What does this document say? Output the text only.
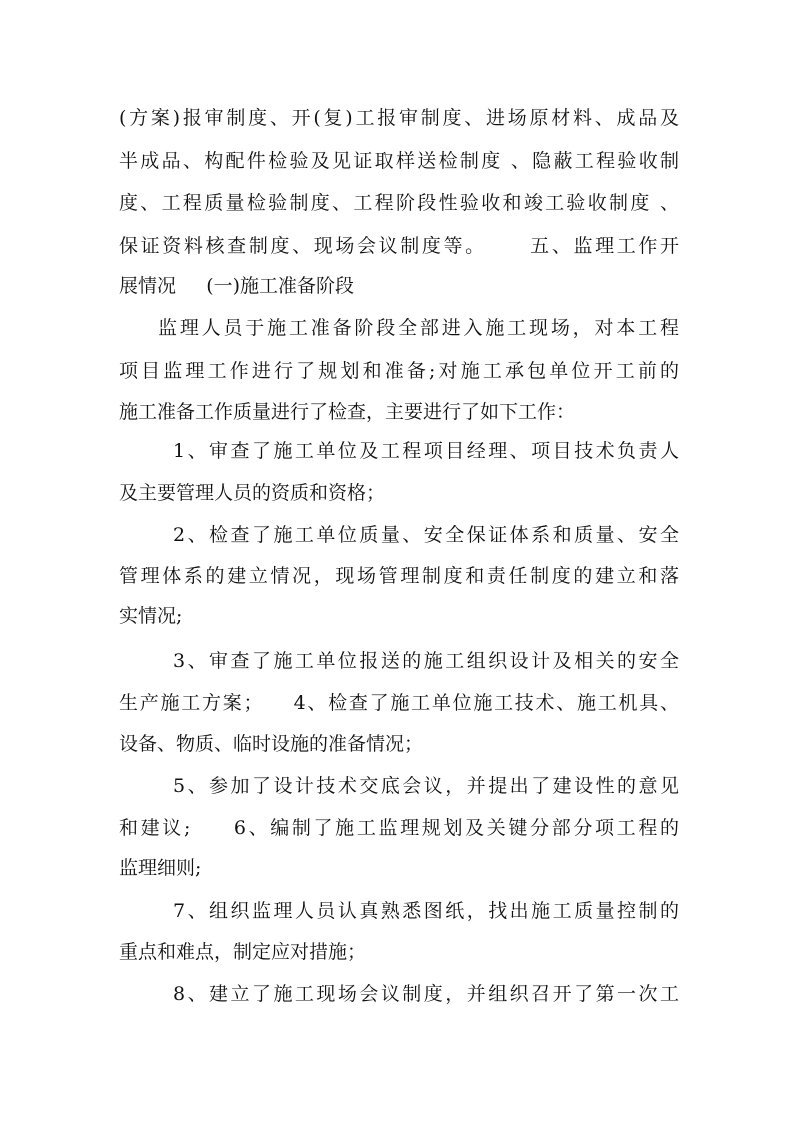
(方案)报审制度、开(复)工报审制度、进场原材料、成品及
半成品、构配件检验及见证取样送检制度 、隐蔽工程验收制
度、工程质量检验制度、工程阶段性验收和竣工验收制度 、
保证资料核查制度、现场会议制度等。     五、监理工作开
展情况     (一)施工准备阶段
监理人员于施工准备阶段全部进入施工现场，对本工程
项目监理工作进行了规划和准备;对施工承包单位开工前的
施工准备工作质量进行了检查，主要进行了如下工作：
1、审查了施工单位及工程项目经理、项目技术负责人
及主要管理人员的资质和资格；
2、检查了施工单位质量、安全保证体系和质量、安全
管理体系的建立情况，现场管理制度和责任制度的建立和落
实情况;
3、审查了施工单位报送的施工组织设计及相关的安全
生产施工方案；    4、检查了施工单位施工技术、施工机具、
设备、物质、临时设施的准备情况；
5、参加了设计技术交底会议，并提出了建设性的意见
和建议;     6、编制了施工监理规划及关键分部分项工程的
监理细则;
7、组织监理人员认真熟悉图纸，找出施工质量控制的
重点和难点，制定应对措施；
8、建立了施工现场会议制度，并组织召开了第一次工
